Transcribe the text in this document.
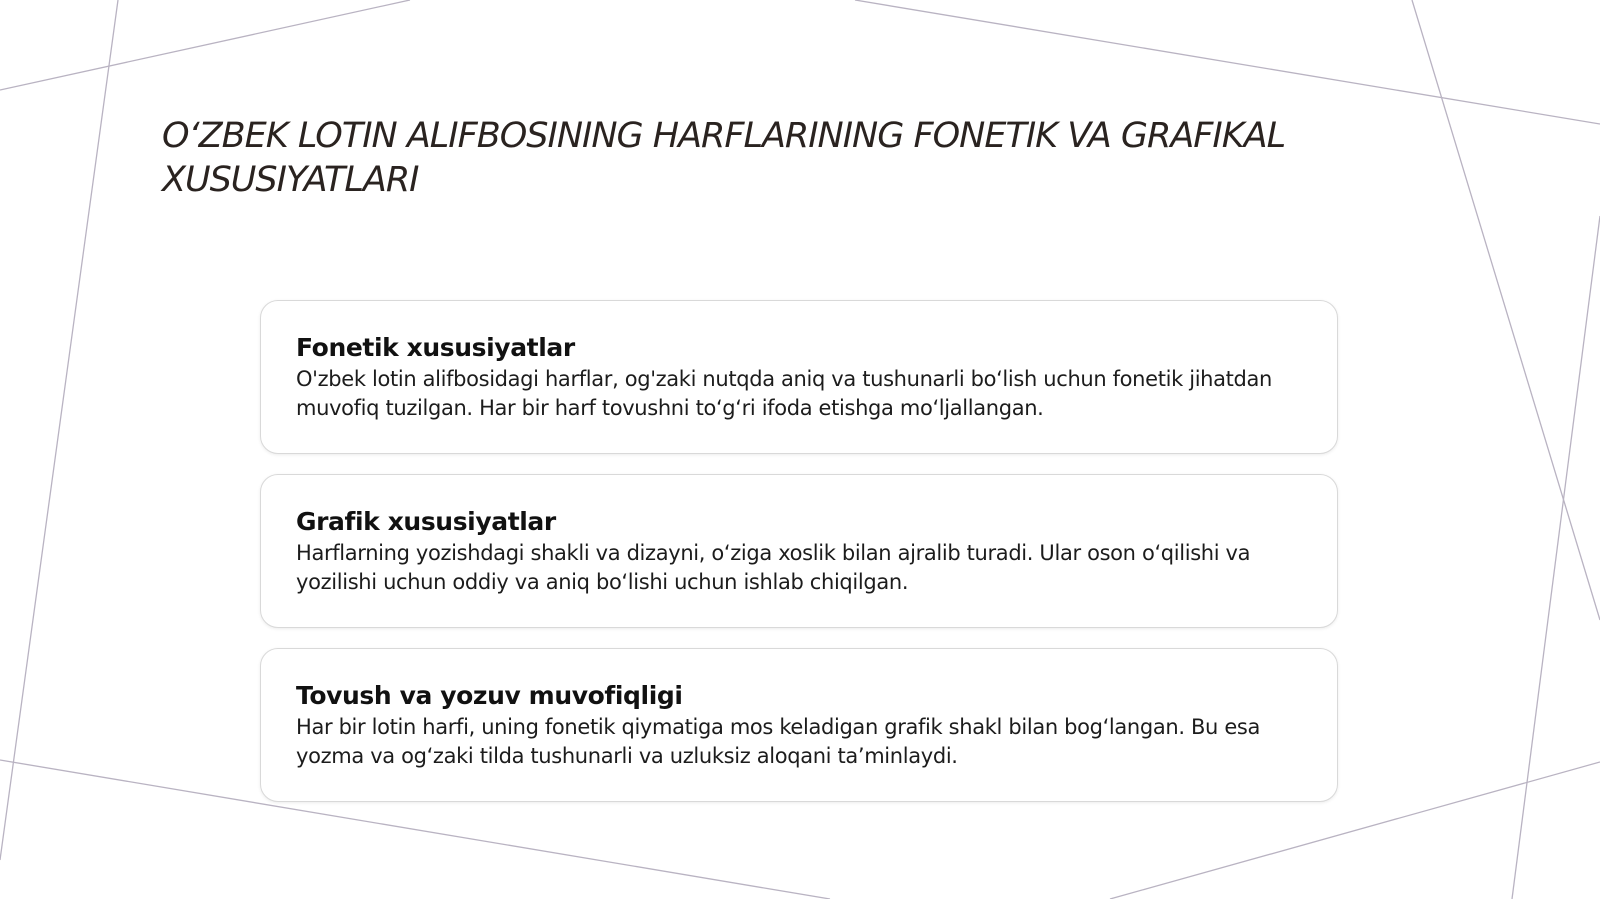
O‘ZBEK LOTIN ALIFBOSINING HARFLARINING FONETIK VA GRAFIKAL XUSUSIYATLARI
Fonetik xususiyatlar

O'zbek lotin alifbosidagi harflar, og'zaki nutqda aniq va tushunarli bo‘lish uchun fonetik jihatdan muvofiq tuzilgan. Har bir harf tovushni to‘g‘ri ifoda etishga mo‘ljallangan.

Grafik xususiyatlar

Harflarning yozishdagi shakli va dizayni, o‘ziga xoslik bilan ajralib turadi. Ular oson o‘qilishi va yozilishi uchun oddiy va aniq bo‘lishi uchun ishlab chiqilgan.

Tovush va yozuv muvofiqligi

Har bir lotin harfi, uning fonetik qiymatiga mos keladigan grafik shakl bilan bog‘langan. Bu esa yozma va og‘zaki tilda tushunarli va uzluksiz aloqani ta’minlaydi.
